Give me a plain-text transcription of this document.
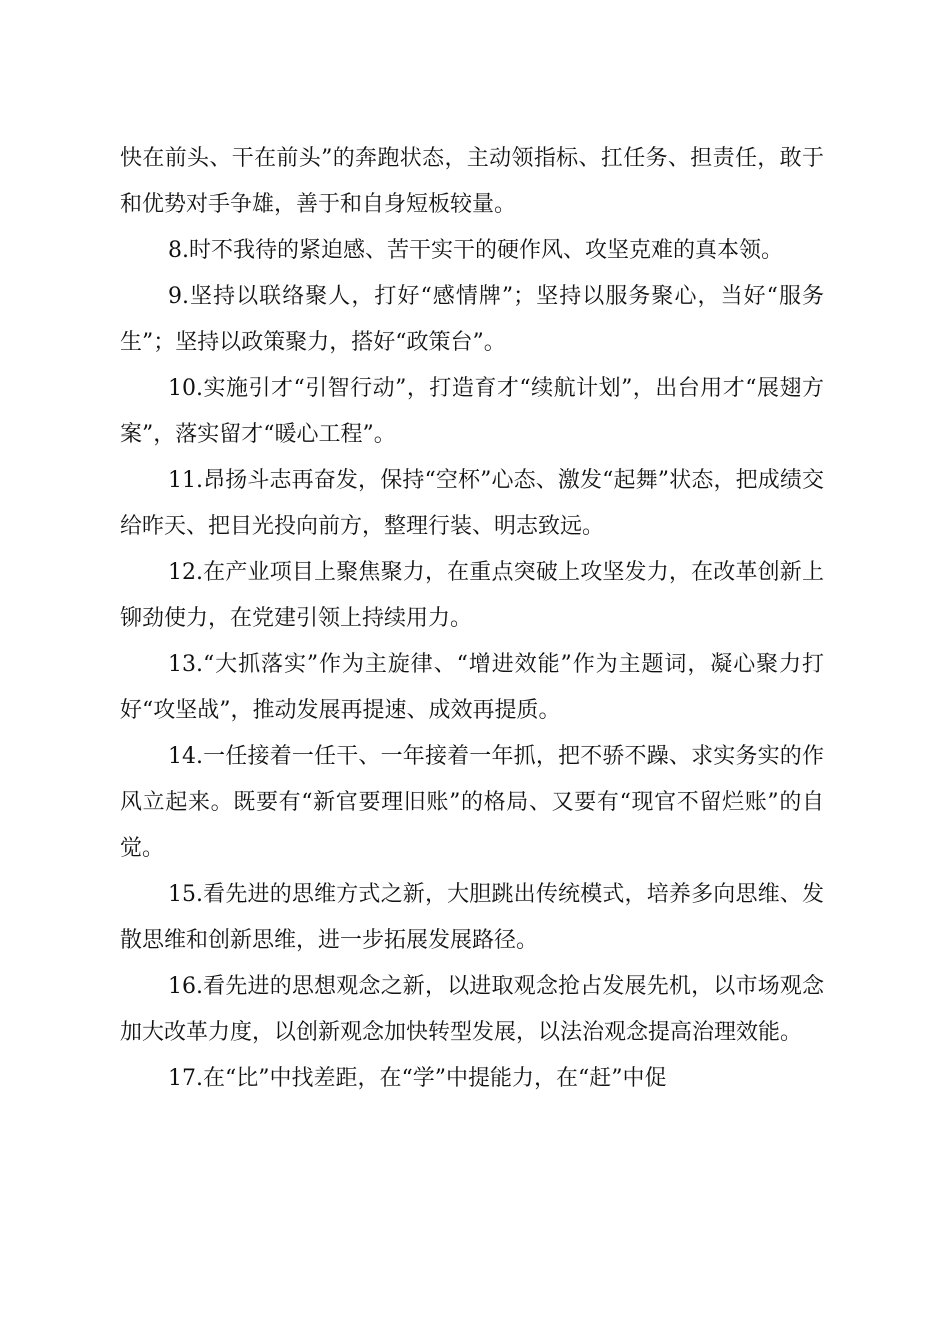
快在前头、干在前头”的奔跑状态，主动领指标、扛任务、担责任，敢于和优势对手争雄，善于和自身短板较量。

8.时不我待的紧迫感、苦干实干的硬作风、攻坚克难的真本领。

9.坚持以联络聚人，打好“感情牌”；坚持以服务聚心，当好“服务生”；坚持以政策聚力，搭好“政策台”。

10.实施引才“引智行动”，打造育才“续航计划”，出台用才“展翅方案”，落实留才“暖心工程”。

11.昂扬斗志再奋发，保持“空杯”心态、激发“起舞”状态，把成绩交给昨天、把目光投向前方，整理行装、明志致远。

12.在产业项目上聚焦聚力，在重点突破上攻坚发力，在改革创新上铆劲使力，在党建引领上持续用力。

13.“大抓落实”作为主旋律、“增进效能”作为主题词，凝心聚力打好“攻坚战”，推动发展再提速、成效再提质。

14.一任接着一任干、一年接着一年抓，把不骄不躁、求实务实的作风立起来。既要有“新官要理旧账”的格局、又要有“现官不留烂账”的自觉。

15.看先进的思维方式之新，大胆跳出传统模式，培养多向思维、发散思维和创新思维，进一步拓展发展路径。

16.看先进的思想观念之新，以进取观念抢占发展先机，以市场观念加大改革力度，以创新观念加快转型发展，以法治观念提高治理效能。

17.在“比”中找差距，在“学”中提能力，在“赶”中促
